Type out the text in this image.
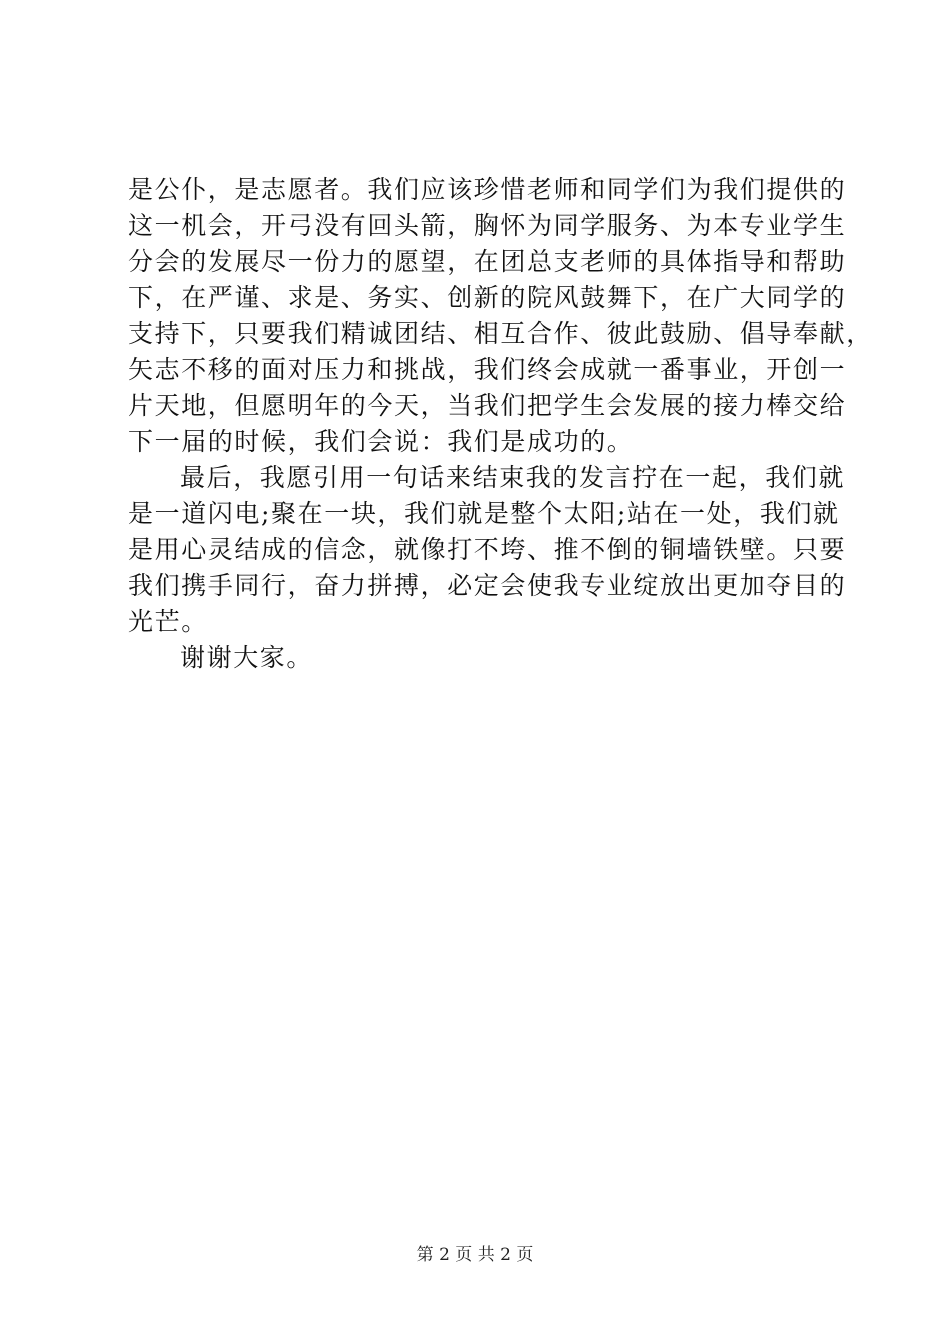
是公仆，是志愿者。我们应该珍惜老师和同学们为我们提供的
这一机会，开弓没有回头箭，胸怀为同学服务、为本专业学生
分会的发展尽一份力的愿望，在团总支老师的具体指导和帮助
下，在严谨、求是、务实、创新的院风鼓舞下，在广大同学的
支持下，只要我们精诚团结、相互合作、彼此鼓励、倡导奉献，
矢志不移的面对压力和挑战，我们终会成就一番事业，开创一
片天地，但愿明年的今天，当我们把学生会发展的接力棒交给
下一届的时候，我们会说：我们是成功的。
最后，我愿引用一句话来结束我的发言拧在一起，我们就
是一道闪电;聚在一块，我们就是整个太阳;站在一处，我们就
是用心灵结成的信念，就像打不垮、推不倒的铜墙铁壁。只要
我们携手同行，奋力拼搏，必定会使我专业绽放出更加夺目的
光芒。
谢谢大家。
第 2 页 共 2 页
